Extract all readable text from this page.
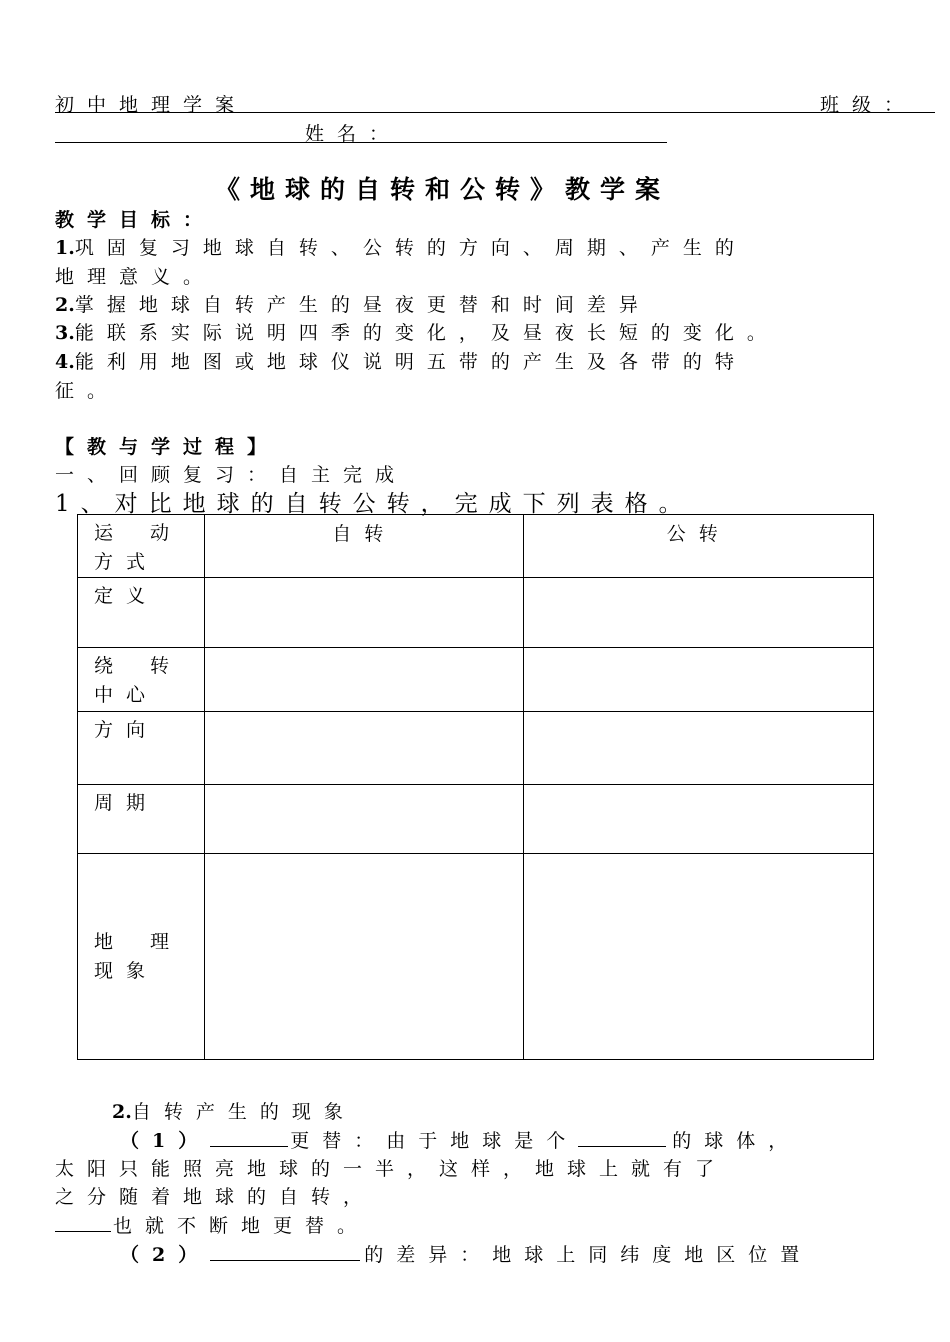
初中地理学案	班级：
姓名：
《地球的自转和公转》教学案
教学目标：
1.巩固复习地球自转、公转的方向、周期、产生的
地理意义。
2.掌握地球自转产生的昼夜更替和时间差异
3.能联系实际说明四季的变化，及昼夜长短的变化。
4.能利用地图或地球仪说明五带的产生及各带的特
征。
【教与学过程】
一、回顾复习：自主完成
1、对比地球的自转公转，完成下列表格。
运 动
方式	自转	公转
定义		

绕 转
中心		

方向		
周期		

地 理
现象		

2.自转产生的现象
（1）	更替：由于地球是个	的球体，
太阳只能照亮地球的一半，这样，地球上就有了
之分随着地球的自转，
也就不断地更替。
（2）	的差异：地球上同纬度地区位置
